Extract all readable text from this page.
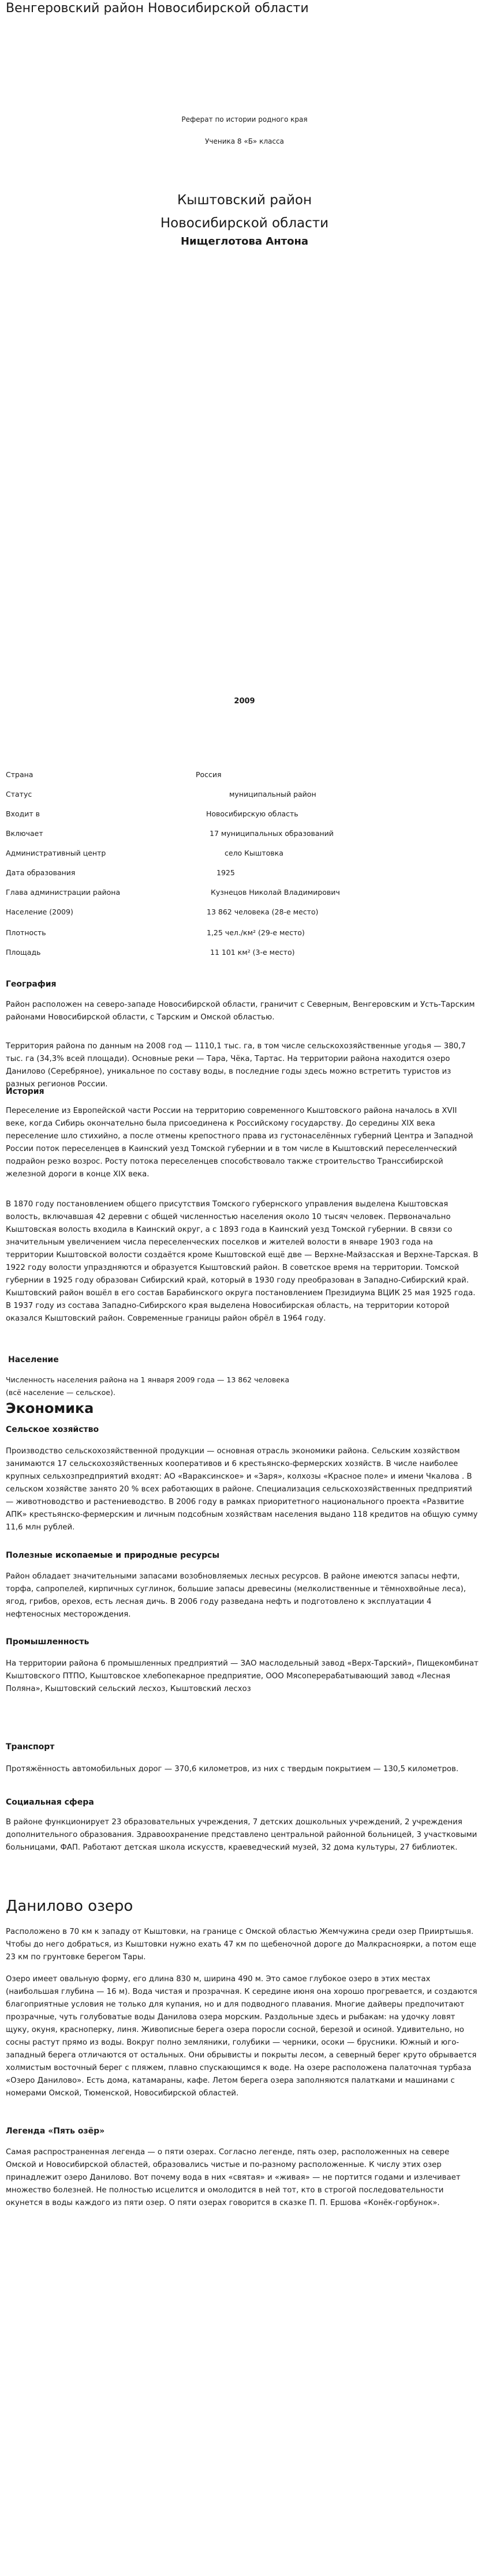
Венгеровский район Новосибирской области
Реферат по истории родного края
Ученика 8 «Б» класса
Кыштовский район
Новосибирской области
Нищеглотова Антона
2009
Страна	Россия
Статус	муниципальный район
Входит в	Новосибирскую область
Включает	17 муниципальных образований
Административный центр	село Кыштовка
Дата образования	1925
Глава администрации района	Кузнецов Николай Владимирович
Население (2009)	13 862 человека (28-е место)
Плотность	1,25 чел./км² (29-е место)
Площадь	11 101 км² (3-е место)
География

Район расположен на северо-западе Новосибирской области, граничит с Северным, Венгеровским и Усть-Тарским районами Новосибирской области, с Тарским и Омской областью.

Территория района по данным на 2008 год — 1110,1 тыс. га, в том числе сельскохозяйственные угодья — 380,7 тыс. га (34,3% всей площади). Основные реки — Тара, Чёка, Тартас. На территории района находится озеро Данилово (Серебряное), уникальное по составу воды, в последние годы здесь можно встретить туристов из разных регионов России.

История

Переселение из Европейской части России на территорию современного Кыштовского района началось в XVII веке, когда Сибирь окончательно была присоединена к Российскому государству. До середины XIX века переселение шло стихийно, а после отмены крепостного права из густонаселённых губерний Центра и Западной России поток переселенцев в Каинский уезд Томской губернии и в том числе в Кыштовский переселенческий подрайон резко возрос. Росту потока переселенцев способствовало также строительство Транссибирской железной дороги в конце XIX века.

В 1870 году постановлением общего присутствия Томского губернского управления выделена Кыштовская волость, включавшая 42 деревни с общей численностью населения около 10 тысяч человек. Первоначально Кыштовская волость входила в Каинский округ, а с 1893 года в Каинский уезд Томской губернии. В связи со значительным увеличением числа переселенческих поселков и жителей волости в январе 1903 года на территории Кыштовской волости создаётся кроме Кыштовской ещё две — Верхне-Майзасская и Верхне-Тарская. В 1922 году волости упраздняются и образуется Кыштовский район. В советское время на территории. Томской губернии в 1925 году образован Сибирский край, который в 1930 году преобразован в Западно-Сибирский край. Кыштовский район вошёл в его состав Барабинского округа постановлением Президиума ВЦИК 25 мая 1925 года. В 1937 году из состава Западно-Сибирского края выделена Новосибирская область, на территории которой оказался Кыштовский район. Современные границы район обрёл в 1964 году.

Население
Численность населения района на 1 января 2009 года — 13 862 человека
(всё население — сельское).
Экономика
Сельское хозяйство

Производство сельскохозяйственной продукции — основная отрасль экономики района. Сельским хозяйством занимаются 17 сельскохозяйственных кооперативов и 6 крестьянско-фермерских хозяйств. В числе наиболее крупных сельхозпредприятий входят: АО «Вараксинское» и «Заря», колхозы «Красное поле» и имени Чкалова . В сельском хозяйстве занято 20 % всех работающих в районе. Специализация сельскохозяйственных предприятий — животноводство и растениеводство. В 2006 году в рамках приоритетного национального проекта «Развитие АПК» крестьянско-фермерским и личным подсобным хозяйствам населения выдано 118 кредитов на общую сумму 11,6 млн рублей.

Полезные ископаемые и природные ресурсы

Район обладает значительными запасами возобновляемых лесных ресурсов. В районе имеются запасы нефти, торфа, сапропелей, кирпичных суглинок, большие запасы древесины (мелколиственные и тёмнохвойные леса), ягод, грибов, орехов, есть лесная дичь. В 2006 году разведана нефть и подготовлено к эксплуатации 4 нефтеносных месторождения.

Промышленность

На территории района 6 промышленных предприятий — ЗАО маслодельный завод «Верх-Тарский», Пищекомбинат Кыштовского ПТПО, Кыштовское хлебопекарное предприятие, ООО Мясоперерабатывающий завод «Лесная Поляна», Кыштовский сельский лесхоз, Кыштовский лесхоз

Транспорт

Протяжённость автомобильных дорог — 370,6 километров, из них с твердым покрытием — 130,5 километров.

Социальная сфера

В районе функционирует 23 образовательных учреждения, 7 детских дошкольных учреждений, 2 учреждения дополнительного образования. Здравоохранение представлено центральной районной больницей, 3 участковыми больницами, ФАП. Работают детская школа искусств, краеведческий музей, 32 дома культуры, 27 библиотек.

Данилово озеро

Расположено в 70 км к западу от Кыштовки, на границе с Омской областью Жемчужина среди озер Прииртышья. Чтобы до него добраться, из Кыштовки нужно ехать 47 км по щебеночной дороге до Малкрасноярки, а потом еще 23 км по грунтовке берегом Тары.

Озеро имеет овальную форму, его длина 830 м, ширина 490 м. Это самое глубокое озеро в этих местах (наибольшая глубина — 16 м). Вода чистая и прозрачная. К середине июня она хорошо прогревается, и создаются благоприятные условия не только для купания, но и для подводного плавания. Многие дайверы предпочитают прозрачные, чуть голубоватые воды Данилова озера морским. Раздольные здесь и рыбакам: на удочку ловят щуку, окуня, красноперку, линя. Живописные берега озера поросли сосной, березой и осиной. Удивительно, но сосны растут прямо из воды. Вокруг полно земляники, голубики — черники, осоки — брусники. Южный и юго-западный берега отличаются от остальных. Они обрывисты и покрыты лесом, а северный берег круто обрывается холмистым восточный берег с пляжем, плавно спускающимся к воде. На озере расположена палаточная турбаза «Озеро Данилово». Есть дома, катамараны, кафе. Летом берега озера заполняются палатками и машинами с номерами Омской, Тюменской, Новосибирской областей.

Легенда «Пять озёр»

Самая распространенная легенда — о пяти озерах. Согласно легенде, пять озер, расположенных на севере Омской и Новосибирской областей, образовались чистые и по-разному расположенные. К числу этих озер принадлежит озеро Данилово. Вот почему вода в них «святая» и «живая» — не портится годами и излечивает множество болезней. Не полностью исцелится и омолодится в ней тот, кто в строгой последовательности окунется в воды каждого из пяти озер. О пяти озерах говорится в сказке П. П. Ершова «Конёк-горбунок».
